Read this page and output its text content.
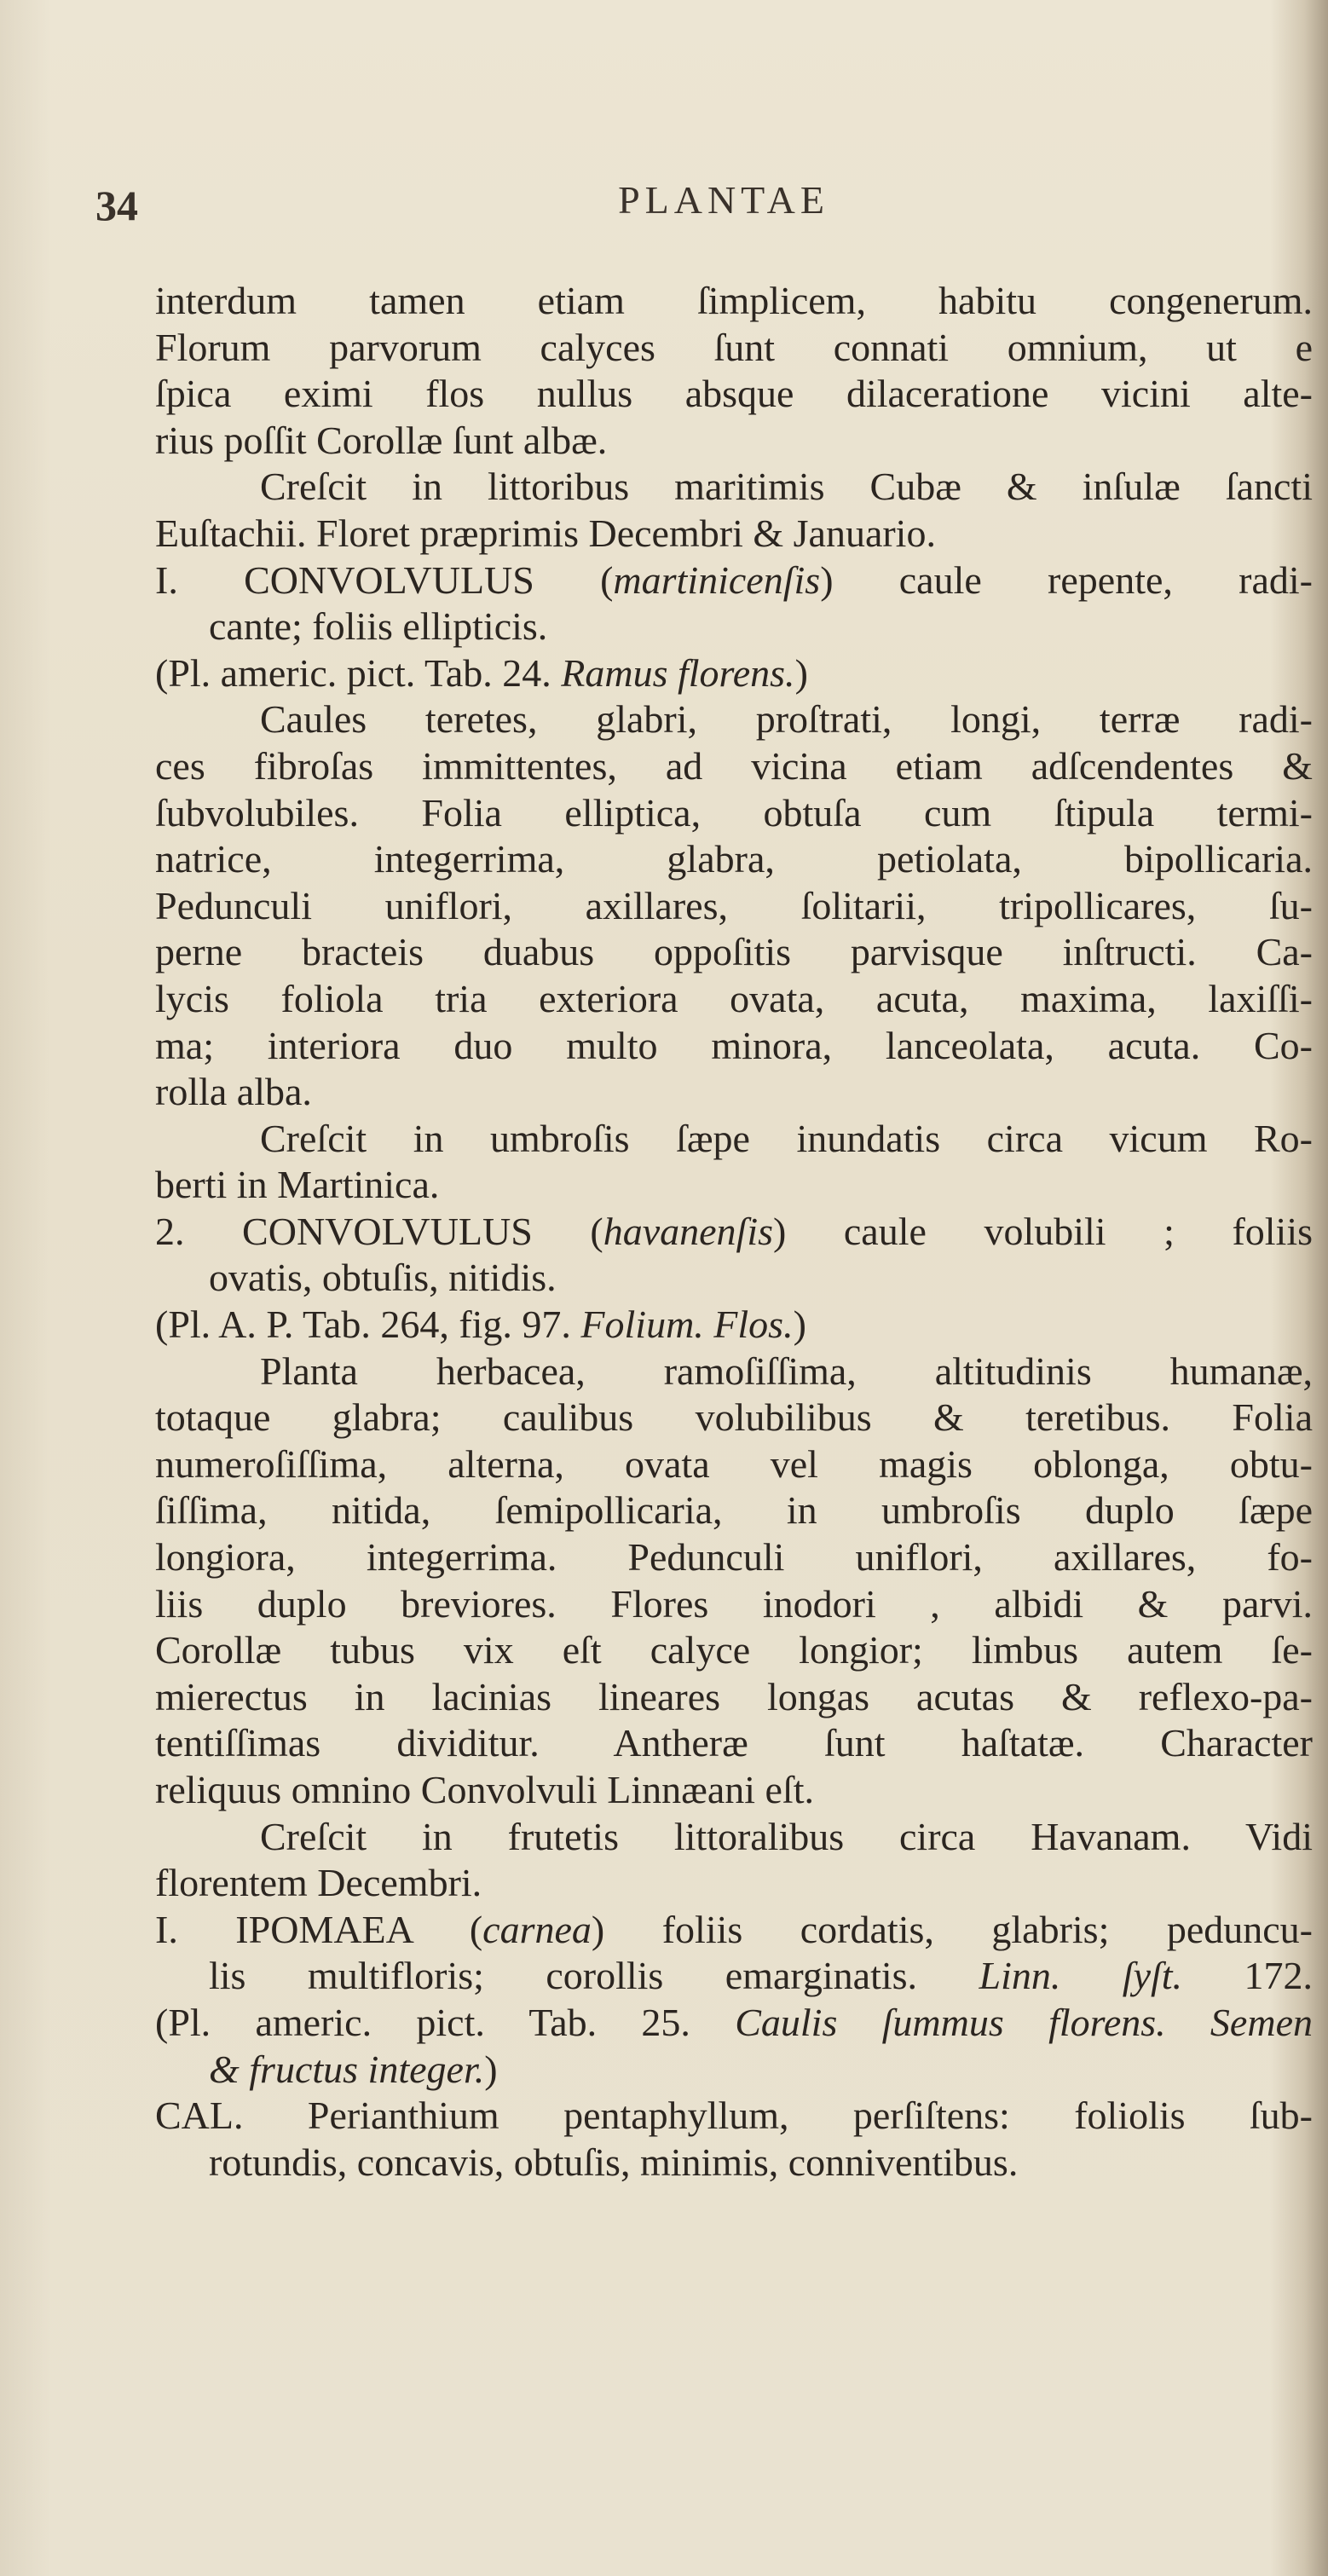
34	PLANTAE
interdum tamen etiam ſimplicem, habitu congenerum.
Florum parvorum calyces ſunt connati omnium, ut e
ſpica eximi flos nullus absque dilaceratione vicini alte-
rius poſſit Corollæ ſunt albæ.
Creſcit in littoribus maritimis Cubæ & inſulæ ſancti
Euſtachii. Floret præprimis Decembri & Januario.
I. CONVOLVULUS (martinicenſis) caule repente, radi-
cante; foliis ellipticis.
(Pl. americ. pict. Tab. 24. Ramus florens.)
Caules teretes, glabri, proſtrati, longi, terræ radi-
ces fibroſas immittentes, ad vicina etiam adſcendentes &
ſubvolubiles. Folia elliptica, obtuſa cum ſtipula termi-
natrice, integerrima, glabra, petiolata, bipollicaria.
Pedunculi uniflori, axillares, ſolitarii, tripollicares, ſu-
perne bracteis duabus oppoſitis parvisque inſtructi. Ca-
lycis foliola tria exteriora ovata, acuta, maxima, laxiſſi-
ma; interiora duo multo minora, lanceolata, acuta. Co-
rolla alba.
Creſcit in umbroſis ſæpe inundatis circa vicum Ro-
berti in Martinica.
2. CONVOLVULUS (havanenſis) caule volubili ; foliis
ovatis, obtuſis, nitidis.
(Pl. A. P. Tab. 264, fig. 97. Folium. Flos.)
Planta herbacea, ramoſiſſima, altitudinis humanæ,
totaque glabra; caulibus volubilibus & teretibus. Folia
numeroſiſſima, alterna, ovata vel magis oblonga, obtu-
ſiſſima, nitida, ſemipollicaria, in umbroſis duplo ſæpe
longiora, integerrima. Pedunculi uniflori, axillares, fo-
liis duplo breviores. Flores inodori , albidi & parvi.
Corollæ tubus vix eſt calyce longior; limbus autem ſe-
mierectus in lacinias lineares longas acutas & reflexo-pa-
tentiſſimas dividitur. Antheræ ſunt haſtatæ. Character
reliquus omnino Convolvuli Linnæani eſt.
Creſcit in frutetis littoralibus circa Havanam. Vidi
florentem Decembri.
I. IPOMAEA (carnea) foliis cordatis, glabris; peduncu-
lis multifloris; corollis emarginatis. Linn. ſyſt. 172.
(Pl. americ. pict. Tab. 25. Caulis ſummus florens. Semen
& fructus integer.)
CAL. Perianthium pentaphyllum, perſiſtens: foliolis ſub-
rotundis, concavis, obtuſis, minimis, conniventibus.
